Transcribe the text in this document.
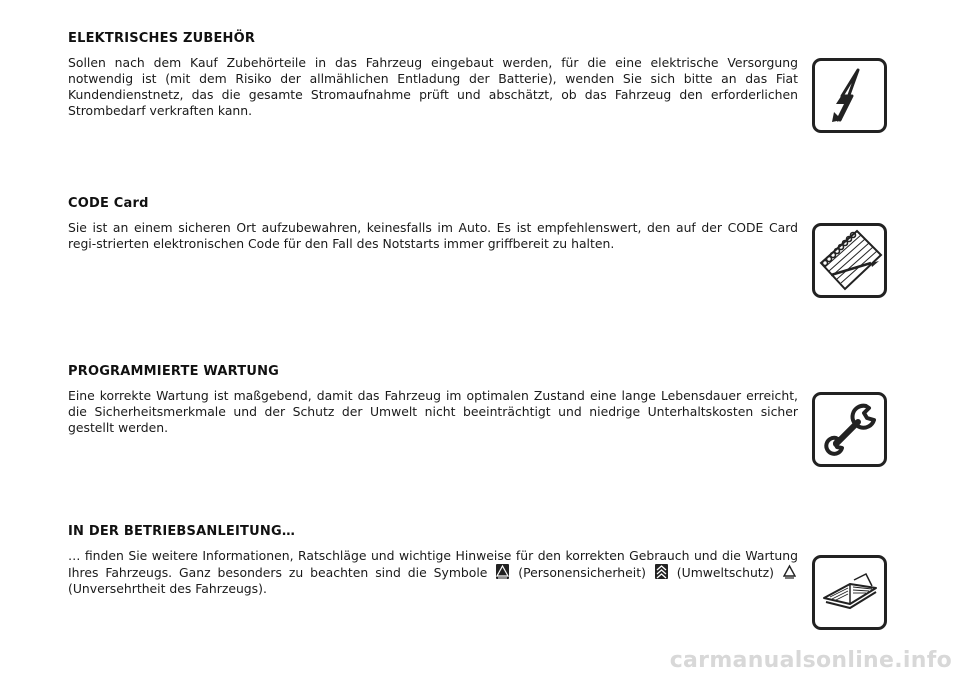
ELEKTRISCHES ZUBEHÖR

Sollen nach dem Kauf Zubehörteile in das Fahrzeug eingebaut werden, für die eine elektrische Versorgung notwendig ist (mit dem Risiko der allmählichen Entladung der Batterie), wenden Sie sich bitte an das Fiat Kundendienstnetz, das die gesamte Stromaufnahme prüft und abschätzt, ob das Fahrzeug den erforderlichen Strombedarf verkraften kann.

CODE Card

Sie ist an einem sicheren Ort aufzubewahren, keinesfalls im Auto. Es ist empfehlenswert, den auf der CODE Card regi-strierten elektronischen Code für den Fall des Notstarts immer griffbereit zu halten.

PROGRAMMIERTE WARTUNG

Eine korrekte Wartung ist maßgebend, damit das Fahrzeug im optimalen Zustand eine lange Lebensdauer erreicht, die Sicherheitsmerkmale und der Schutz der Umwelt nicht beeinträchtigt und niedrige Unterhaltskosten sicher gestellt werden.

IN DER BETRIEBSANLEITUNG…

… finden Sie weitere Informationen, Ratschläge und wichtige Hinweise für den korrekten Gebrauch und die Wartung Ihres Fahrzeugs. Ganz besonders zu beachten sind die Symbole (Personensicherheit) (Umweltschutz)
(Unversehrtheit des Fahrzeugs).

carmanualsonline.info
